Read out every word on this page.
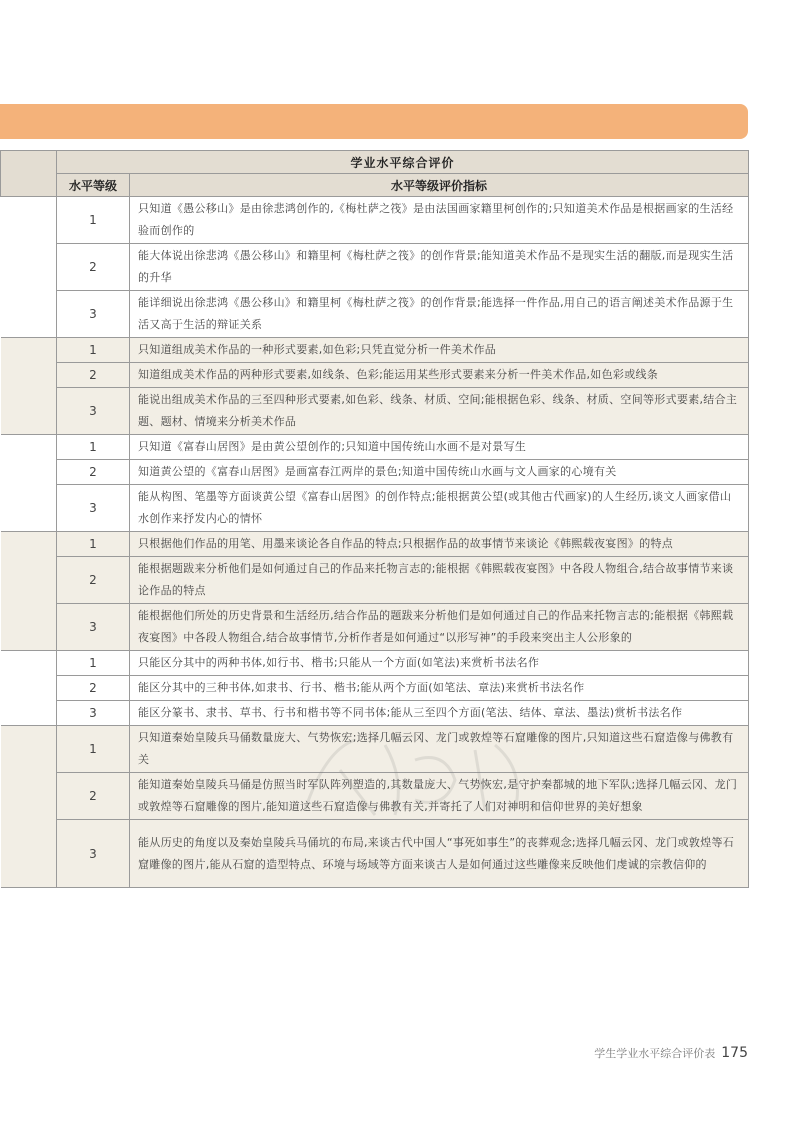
	学业水平综合评价	
	水平等级	水平等级评价指标
	1	只知道《愚公移山》是由徐悲鸿创作的,《梅杜萨之筏》是由法国画家籍里柯创作的;只知道美术作品是根据画家的生活经验而创作的
	2	能大体说出徐悲鸿《愚公移山》和籍里柯《梅杜萨之筏》的创作背景;能知道美术作品不是现实生活的翻版,而是现实生活的升华
	3	能详细说出徐悲鸿《愚公移山》和籍里柯《梅杜萨之筏》的创作背景;能选择一件作品,用自己的语言阐述美术作品源于生活又高于生活的辩证关系
	1	只知道组成美术作品的一种形式要素,如色彩;只凭直觉分析一件美术作品
	2	知道组成美术作品的两种形式要素,如线条、色彩;能运用某些形式要素来分析一件美术作品,如色彩或线条
	3	能说出组成美术作品的三至四种形式要素,如色彩、线条、材质、空间;能根据色彩、线条、材质、空间等形式要素,结合主题、题材、情境来分析美术作品
	1	只知道《富春山居图》是由黄公望创作的;只知道中国传统山水画不是对景写生
	2	知道黄公望的《富春山居图》是画富春江两岸的景色;知道中国传统山水画与文人画家的心境有关
	3	能从构图、笔墨等方面谈黄公望《富春山居图》的创作特点;能根据黄公望(或其他古代画家)的人生经历,谈文人画家借山水创作来抒发内心的情怀
	1	只根据他们作品的用笔、用墨来谈论各自作品的特点;只根据作品的故事情节来谈论《韩熙载夜宴图》的特点
	2	能根据题跋来分析他们是如何通过自己的作品来托物言志的;能根据《韩熙载夜宴图》中各段人物组合,结合故事情节来谈论作品的特点
	3	能根据他们所处的历史背景和生活经历,结合作品的题跋来分析他们是如何通过自己的作品来托物言志的;能根据《韩熙载夜宴图》中各段人物组合,结合故事情节,分析作者是如何通过“以形写神”的手段来突出主人公形象的
	1	只能区分其中的两种书体,如行书、楷书;只能从一个方面(如笔法)来赏析书法名作
	2	能区分其中的三种书体,如隶书、行书、楷书;能从两个方面(如笔法、章法)来赏析书法名作
	3	能区分篆书、隶书、草书、行书和楷书等不同书体;能从三至四个方面(笔法、结体、章法、墨法)赏析书法名作
	1	只知道秦始皇陵兵马俑数量庞大、气势恢宏;选择几幅云冈、龙门或敦煌等石窟雕像的图片,只知道这些石窟造像与佛教有关
	2	能知道秦始皇陵兵马俑是仿照当时军队阵列塑造的,其数量庞大、气势恢宏,是守护秦都城的地下军队;选择几幅云冈、龙门或敦煌等石窟雕像的图片,能知道这些石窟造像与佛教有关,并寄托了人们对神明和信仰世界的美好想象
	3	能从历史的角度以及秦始皇陵兵马俑坑的布局,来谈古代中国人“事死如事生”的丧葬观念;选择几幅云冈、龙门或敦煌等石窟雕像的图片,能从石窟的造型特点、环境与场域等方面来谈古人是如何通过这些雕像来反映他们虔诚的宗教信仰的
学生学业水平综合评价表 175
